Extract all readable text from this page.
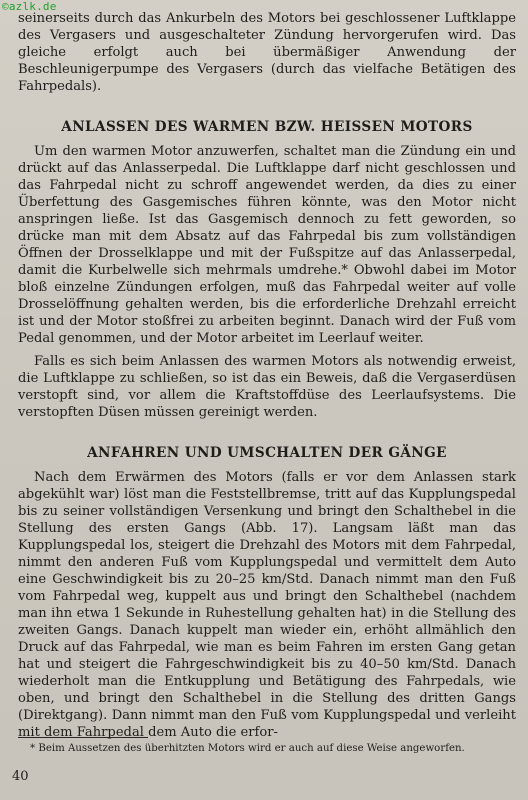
©azlk.de

seinerseits durch das Ankurbeln des Motors bei geschlossener Luftklappe des Vergasers und ausgeschalteter Zündung hervorgerufen wird. Das gleiche erfolgt auch bei übermäßiger Anwendung der Beschleunigerpumpe des Vergasers (durch das vielfache Betätigen des Fahrpedals).

ANLASSEN DES WARMEN BZW. HEISSEN MOTORS

Um den warmen Motor anzuwerfen, schaltet man die Zündung ein und drückt auf das Anlasserpedal. Die Luftklappe darf nicht geschlossen und das Fahrpedal nicht zu schroff angewendet werden, da dies zu einer Überfettung des Gasgemisches führen könnte, was den Motor nicht anspringen ließe. Ist das Gasgemisch dennoch zu fett geworden, so drücke man mit dem Absatz auf das Fahrpedal bis zum vollständigen Öffnen der Drosselklappe und mit der Fußspitze auf das Anlasserpedal, damit die Kurbelwelle sich mehrmals umdrehe.* Obwohl dabei im Motor bloß einzelne Zündungen erfolgen, muß das Fahrpedal weiter auf volle Drosselöffnung gehalten werden, bis die erforderliche Drehzahl erreicht ist und der Motor stoßfrei zu arbeiten beginnt. Danach wird der Fuß vom Pedal genommen, und der Motor arbeitet im Leerlauf weiter.

Falls es sich beim Anlassen des warmen Motors als notwendig erweist, die Luftklappe zu schließen, so ist das ein Beweis, daß die Vergaserdüsen verstopft sind, vor allem die Kraftstoffdüse des Leerlaufsystems. Die verstopften Düsen müssen gereinigt werden.

ANFAHREN UND UMSCHALTEN DER GÄNGE

Nach dem Erwärmen des Motors (falls er vor dem Anlassen stark abgekühlt war) löst man die Feststellbremse, tritt auf das Kupplungspedal bis zu seiner vollständigen Versenkung und bringt den Schalthebel in die Stellung des ersten Gangs (Abb. 17). Langsam läßt man das Kupplungspedal los, steigert die Drehzahl des Motors mit dem Fahrpedal, nimmt den anderen Fuß vom Kupplungspedal und vermittelt dem Auto eine Geschwindigkeit bis zu 20–25 km/Std. Danach nimmt man den Fuß vom Fahrpedal weg, kuppelt aus und bringt den Schalthebel (nachdem man ihn etwa 1 Sekunde in Ruhestellung gehalten hat) in die Stellung des zweiten Gangs. Danach kuppelt man wieder ein, erhöht allmählich den Druck auf das Fahrpedal, wie man es beim Fahren im ersten Gang getan hat und steigert die Fahrgeschwindigkeit bis zu 40–50 km/Std. Danach wiederholt man die Entkupplung und Betätigung des Fahrpedals, wie oben, und bringt den Schalthebel in die Stellung des dritten Gangs (Direktgang). Dann nimmt man den Fuß vom Kupplungspedal und verleiht mit dem Fahrpedal dem Auto die erfor-

* Beim Aussetzen des überhitzten Motors wird er auch auf diese Weise angeworfen.
40
